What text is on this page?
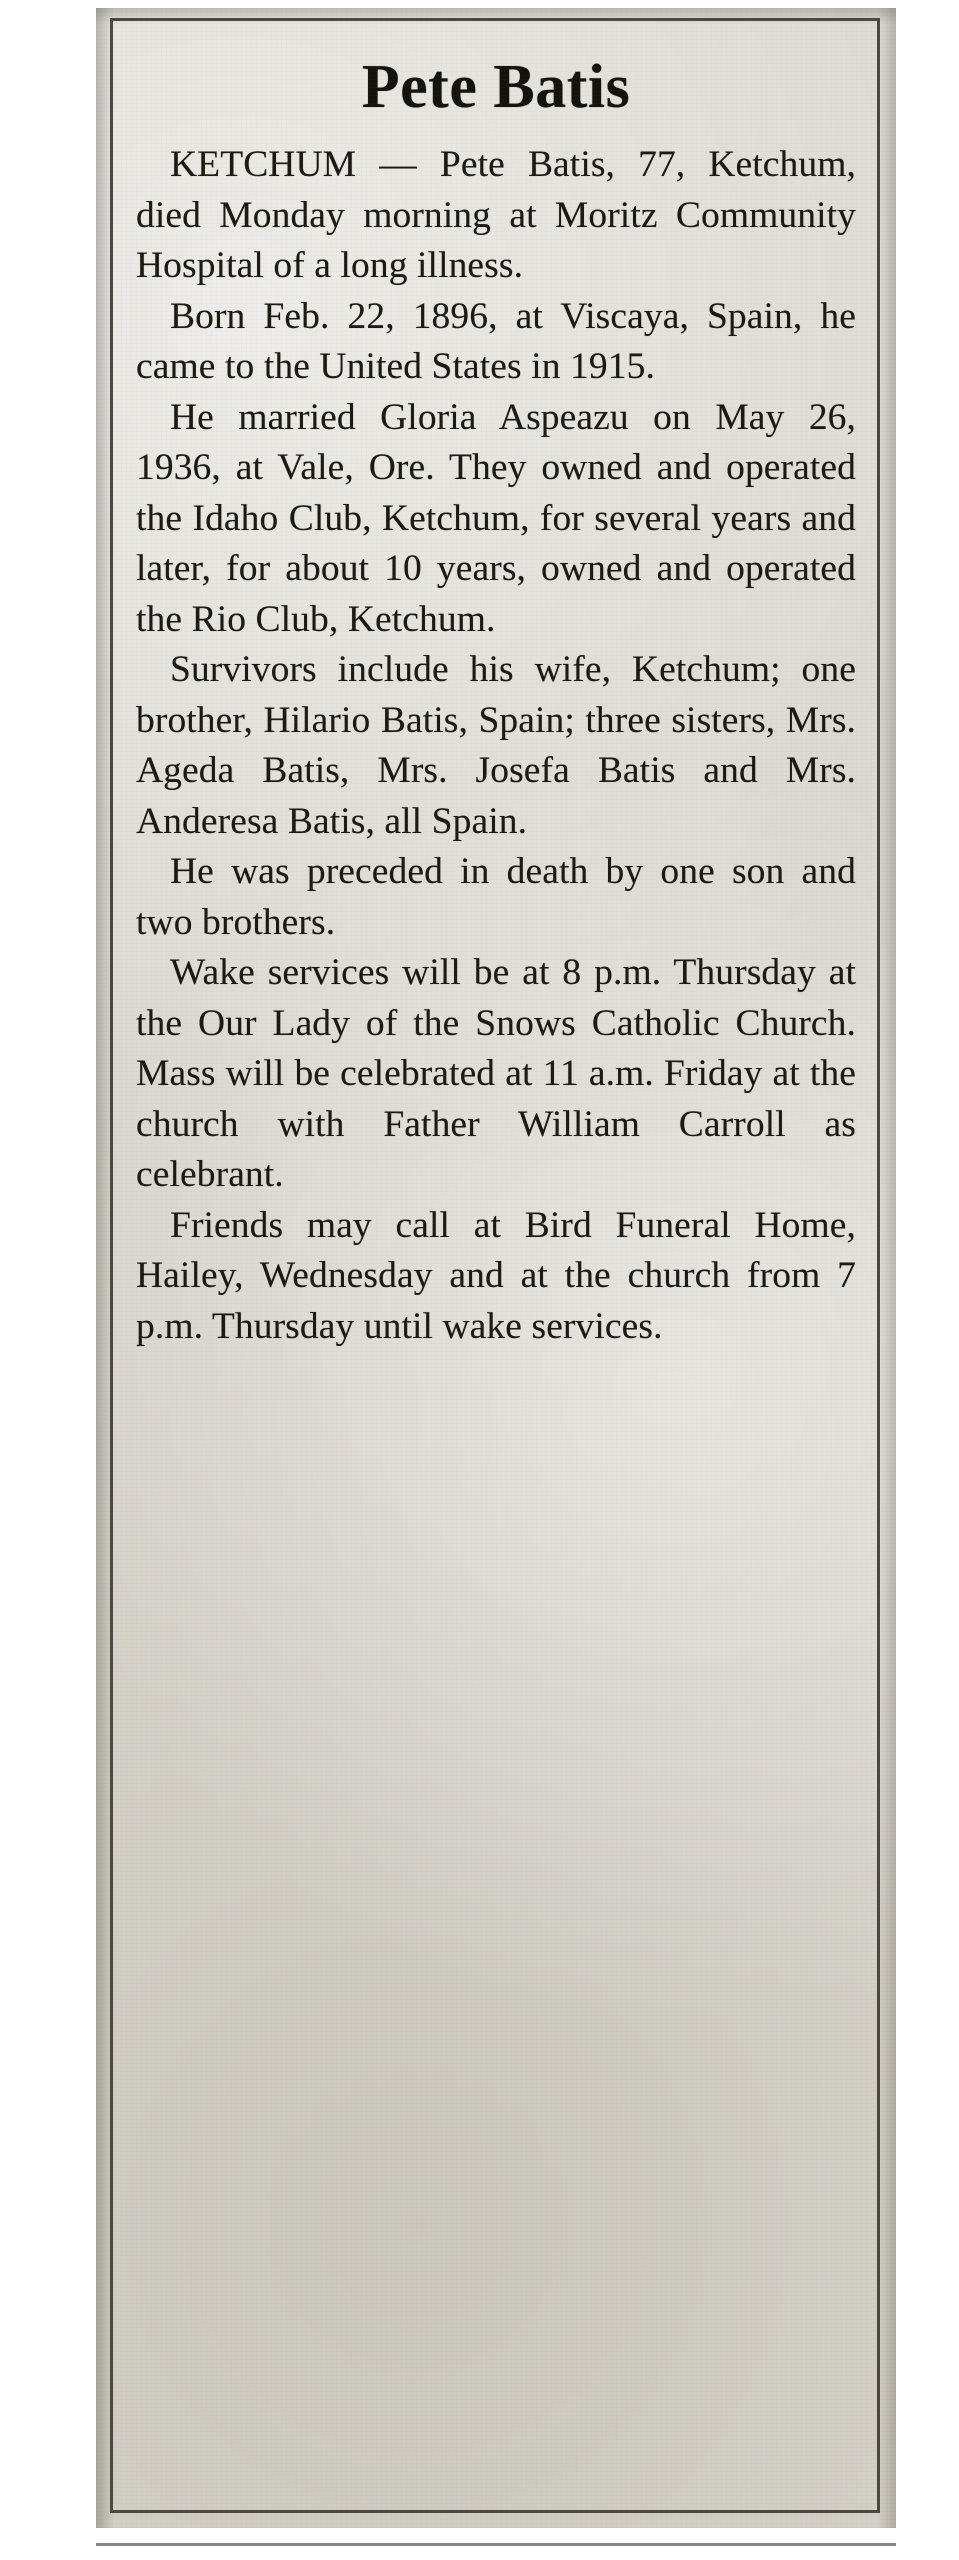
Pete Batis

KETCHUM — Pete Batis, 77, Ketchum, died Monday morning at Moritz Community Hospital of a long illness.

Born Feb. 22, 1896, at Viscaya, Spain, he came to the United States in 1915.

He married Gloria Aspeazu on May 26, 1936, at Vale, Ore. They owned and operated the Idaho Club, Ketchum, for several years and later, for about 10 years, owned and operated the Rio Club, Ketchum.

Survivors include his wife, Ketchum; one brother, Hilario Batis, Spain; three sisters, Mrs. Ageda Batis, Mrs. Josefa Batis and Mrs. Anderesa Batis, all Spain.

He was preceded in death by one son and two brothers.

Wake services will be at 8 p.m. Thursday at the Our Lady of the Snows Catholic Church. Mass will be celebrated at 11 a.m. Friday at the church with Father William Carroll as celebrant.

Friends may call at Bird Funeral Home, Hailey, Wednesday and at the church from 7 p.m. Thursday until wake services.
